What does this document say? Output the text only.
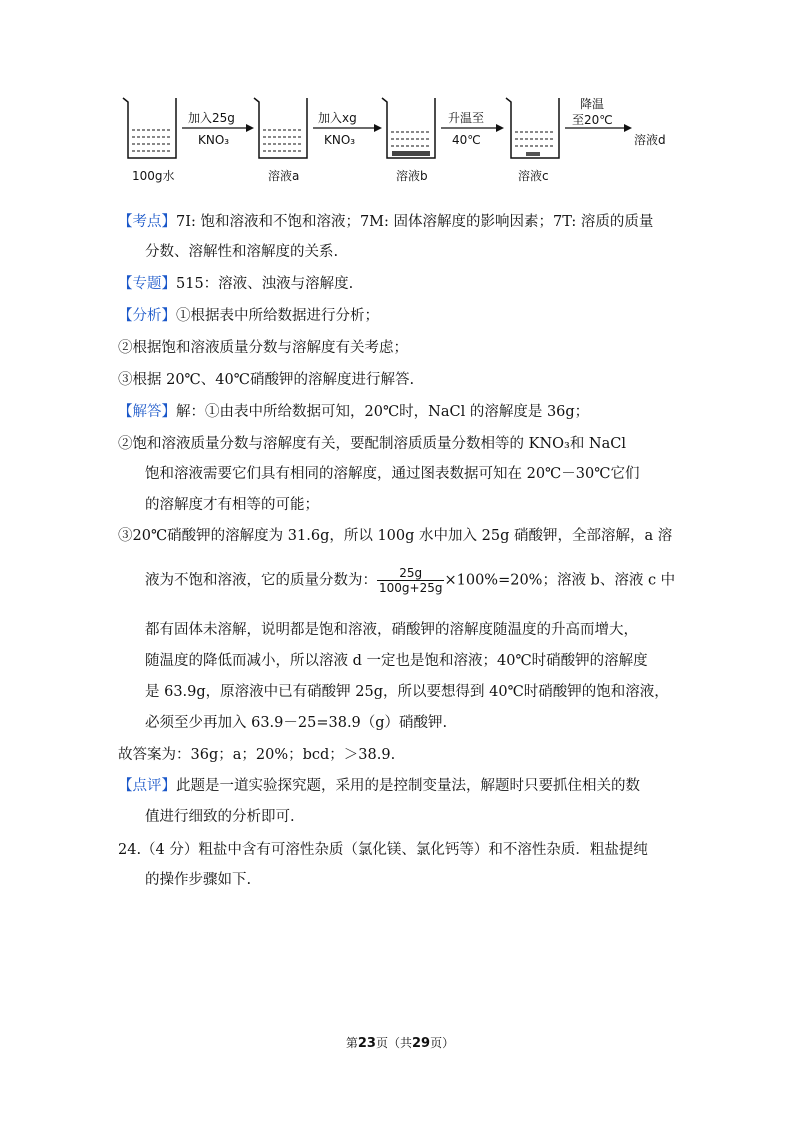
100g水
加入25g
KNO₃
溶液a
加入xg
KNO₃
溶液b
升温至
40℃
溶液c
降温
至20℃
溶液d
【考点】7I: 饱和溶液和不饱和溶液；7M: 固体溶解度的影响因素；7T: 溶质的质量
分数、溶解性和溶解度的关系.
【专题】515：溶液、浊液与溶解度.
【分析】①根据表中所给数据进行分析；
②根据饱和溶液质量分数与溶解度有关考虑；
③根据 20℃、40℃硝酸钾的溶解度进行解答.
【解答】解：①由表中所给数据可知，20℃时，NaCl 的溶解度是 36g；
②饱和溶液质量分数与溶解度有关，要配制溶质质量分数相等的 KNO₃和 NaCl
饱和溶液需要它们具有相同的溶解度，通过图表数据可知在 20℃－30℃它们
的溶解度才有相等的可能；
③20℃硝酸钾的溶解度为 31.6g，所以 100g 水中加入 25g 硝酸钾，全部溶解，a 溶
液为不饱和溶液，它的质量分数为： $\frac{25g}{100g+25g} \times 100\%=20\%$；溶液 b、溶液 c 中
都有固体未溶解，说明都是饱和溶液，硝酸钾的溶解度随温度的升高而增大，
随温度的降低而减小，所以溶液 d 一定也是饱和溶液；40℃时硝酸钾的溶解度
是 63.9g，原溶液中已有硝酸钾 25g，所以要想得到 40℃时硝酸钾的饱和溶液，
必须至少再加入 63.9－25=38.9（g）硝酸钾.
故答案为：36g；a；20%；bcd；＞38.9.
【点评】此题是一道实验探究题，采用的是控制变量法，解题时只要抓住相关的数
值进行细致的分析即可.
24.（4 分）粗盐中含有可溶性杂质（氯化镁、氯化钙等）和不溶性杂质．粗盐提纯
的操作步骤如下.
第23页（共29页）
